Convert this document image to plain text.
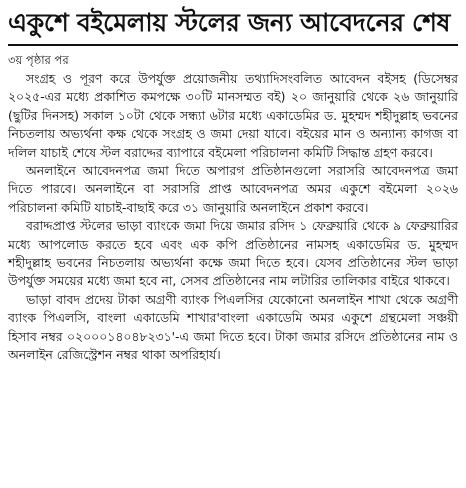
একুশে বইমেলায় স্টলের জন্য আবেদনের শেষ
৩য় পৃষ্ঠার পর

সংগ্রহ ও পূরণ করে উপর্যুক্ত প্রয়োজনীয় তথ্যাদিসংবলিত আবেদন বইসহ (ডিসেম্বর ২০২৫-এর মধ্যে প্রকাশিত কমপক্ষে ৩০টি মানসম্মত বই) ২০ জানুয়ারি থেকে ২৬ জানুয়ারি (ছুটির দিনসহ) সকাল ১০টা থেকে সন্ধ্যা ৬টার মধ্যে একাডেমির ড. মুহম্মদ শহীদুল্লাহ ভবনের নিচতলায় অভ্যর্থনা কক্ষ থেকে সংগ্রহ ও জমা দেয়া যাবে। বইয়ের মান ও অন্যান্য কাগজ বা দলিল যাচাই শেষে স্টল বরাদ্দের ব্যাপারে বইমেলা পরিচালনা কমিটি সিদ্ধান্ত গ্রহণ করবে।

অনলাইনে আবেদনপত্র জমা দিতে অপারগ প্রতিষ্ঠানগুলো সরাসরি আবেদনপত্র জমা দিতে পারবে। অনলাইনে বা সরাসরি প্রাপ্ত আবেদনপত্র অমর একুশে বইমেলা ২০২৬ পরিচালনা কমিটি যাচাই-বাছাই করে ৩১ জানুয়ারি অনলাইনে প্রকাশ করবে।

বরাদ্দপ্রাপ্ত স্টলের ভাড়া ব্যাংকে জমা দিয়ে জমার রসিদ ১ ফেব্রুয়ারি থেকে ৯ ফেব্রুয়ারির মধ্যে আপলোড করতে হবে এবং এক কপি প্রতিষ্ঠানের নামসহ একাডেমির ড. মুহম্মদ শহীদুল্লাহ ভবনের নিচতলায় অভ্যর্থনা কক্ষে জমা দিতে হবে। যেসব প্রতিষ্ঠানের স্টল ভাড়া উপর্যুক্ত সময়ের মধ্যে জমা হবে না, সেসব প্রতিষ্ঠানের নাম লটারির তালিকার বাইরে থাকবে।

ভাড়া বাবদ প্রদেয় টাকা অগ্রণী ব্যাংক পিএলসির যেকোনো অনলাইন শাখা থেকে অগ্রণী ব্যাংক পিএলসি, বাংলা একাডেমি শাখার'বাংলা একাডেমি অমর একুশে গ্রন্থমেলা সঞ্চয়ী হিসাব নম্বর ০২০০০১৪০৪৮২৩১'-এ জমা দিতে হবে। টাকা জমার রসিদে প্রতিষ্ঠানের নাম ও অনলাইন রেজিস্ট্রেশন নম্বর থাকা অপরিহার্য।
